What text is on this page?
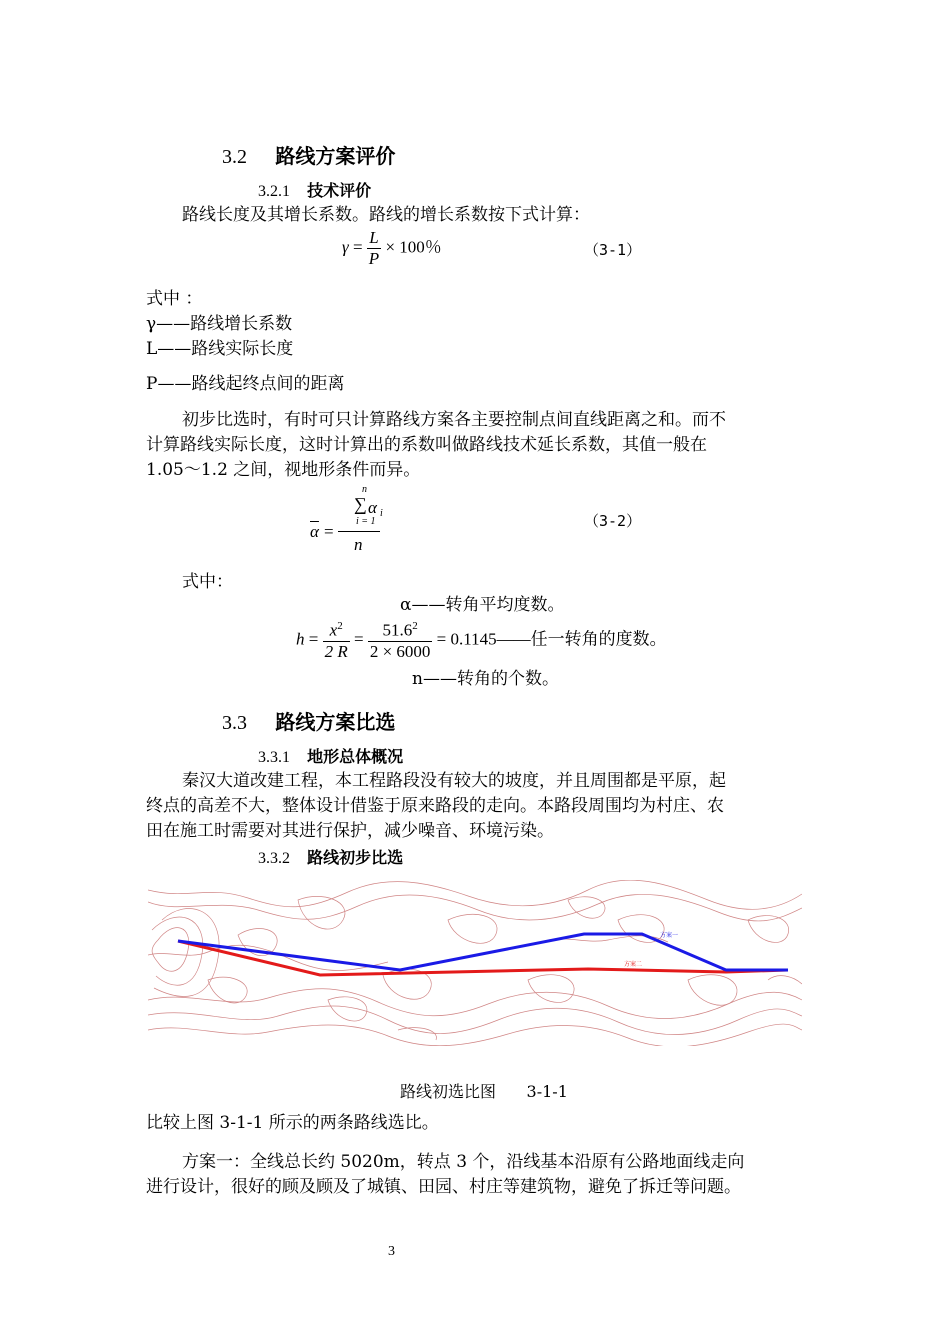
3.2 路线方案评价
3.2.1 技术评价
路线长度及其增长系数。路线的增长系数按下式计算：
$\gamma = \frac{L}{P} \times 100$％	（3-1）
式中 ：
γ——路线增长系数
L——路线实际长度
P——路线起终点间的距离
初步比选时，有时可只计算路线方案各主要控制点间直线距离之和。而不
计算路线实际长度，这时计算出的系数叫做路线技术延长系数，其值一般在
1.05～1.2 之间，视地形条件而异。
n
∑ α i
i = 1
$\overline{\alpha}$ =
n
（3-2）
式中：
α——转角平均度数。
$h = \frac{x^2}{2 R} = \frac{51.6^2}{2 \times 6000}$ = 0.1145——任一转角的度数。
n——转角的个数。
3.3 路线方案比选
3.3.1 地形总体概况
秦汉大道改建工程，本工程路段没有较大的坡度，并且周围都是平原，起
终点的高差不大，整体设计借鉴于原来路段的走向。本路段周围均为村庄、农
田在施工时需要对其进行保护，减少噪音、环境污染。
3.3.2 路线初步比选
方案一
方案二
路线初选比图      3-1-1
比较上图 3-1-1 所示的两条路线选比。
方案一：全线总长约 5020m，转点 3 个，沿线基本沿原有公路地面线走向
进行设计，很好的顾及顾及了城镇、田园、村庄等建筑物，避免了拆迁等问题。
3
